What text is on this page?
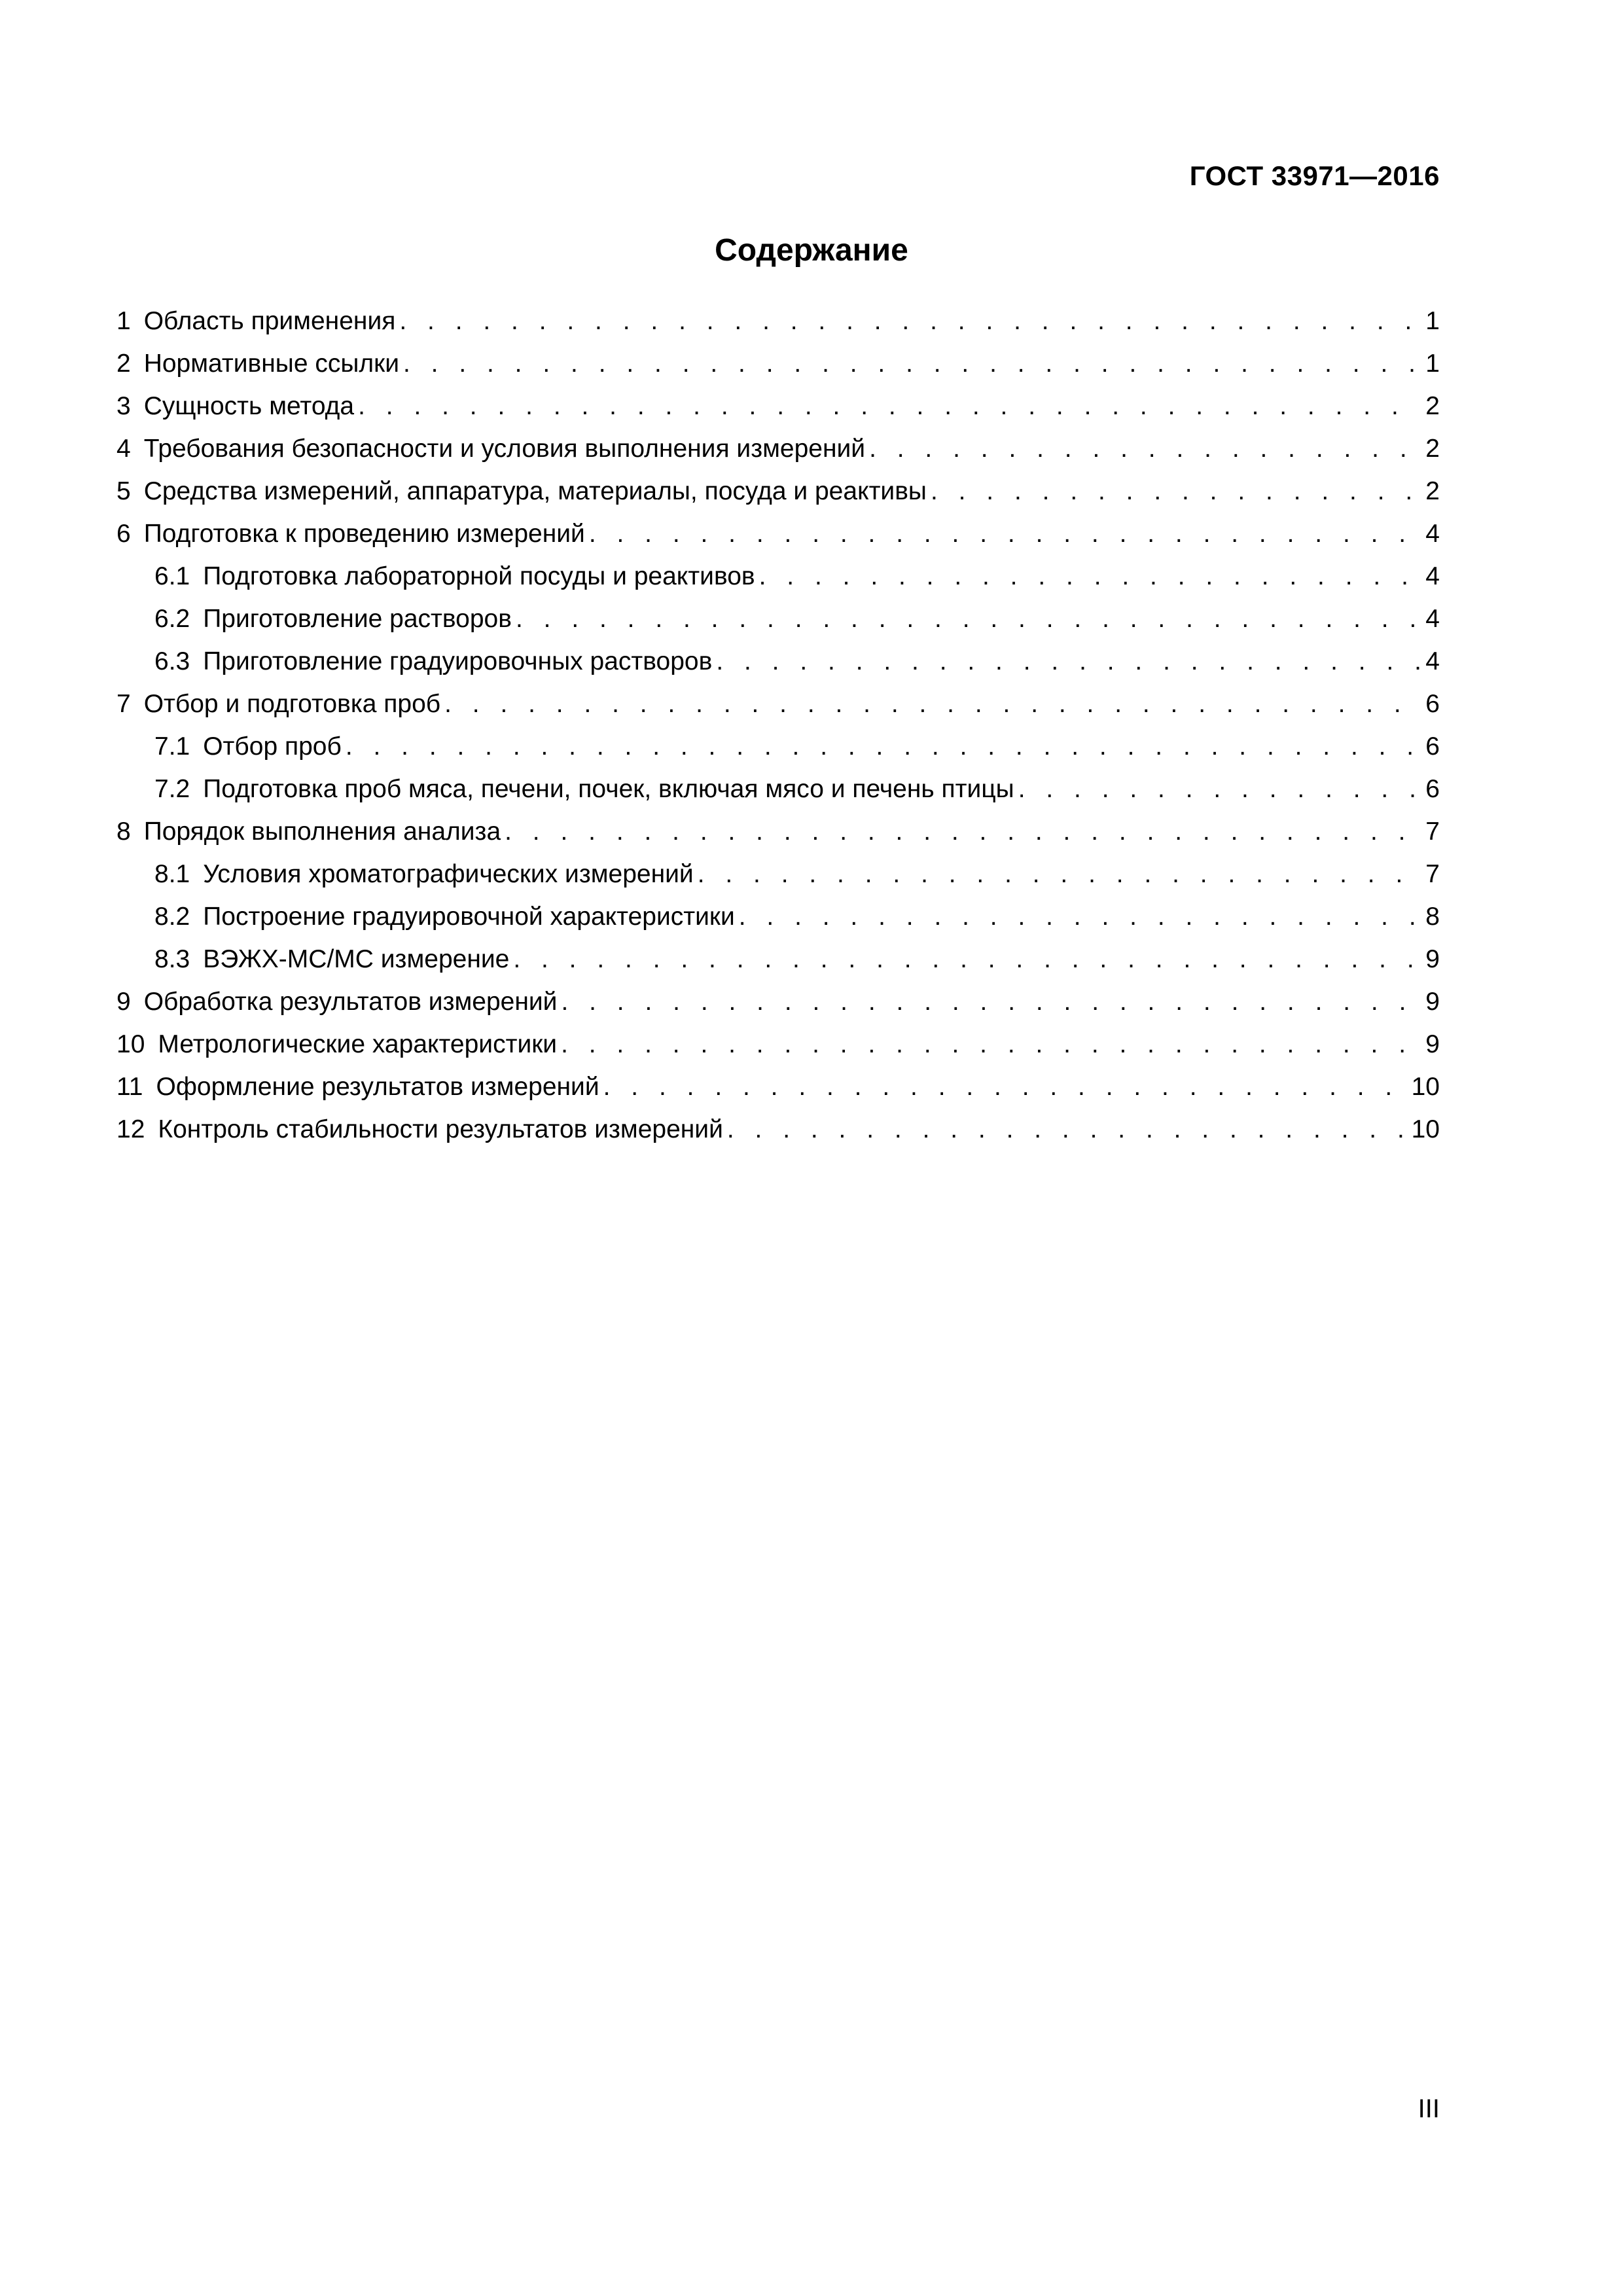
ГОСТ 33971—2016
Содержание
1 Область применения . . .	1
2 Нормативные ссылки . . .	1
3 Сущность метода . . .	2
4 Требования безопасности и условия выполнения измерений . . .	2
5 Средства измерений, аппаратура, материалы, посуда и реактивы . . .	2
6 Подготовка к проведению измерений . . .	4
6.1 Подготовка лабораторной посуды и реактивов . . .	4
6.2 Приготовление растворов . . .	4
6.3 Приготовление градуировочных растворов . . .	4
7 Отбор и подготовка проб . . .	6
7.1 Отбор проб . . .	6
7.2 Подготовка проб мяса, печени, почек, включая мясо и печень птицы . . .	6
8 Порядок выполнения анализа . . .	7
8.1 Условия хроматографических измерений . . .	7
8.2 Построение градуировочной характеристики . . .	8
8.3 ВЭЖХ-МС/МС измерение . . .	9
9 Обработка результатов измерений . . .	9
10 Метрологические характеристики . . .	9
11 Оформление результатов измерений . . .	10
12 Контроль стабильности результатов измерений . . .	10
III
